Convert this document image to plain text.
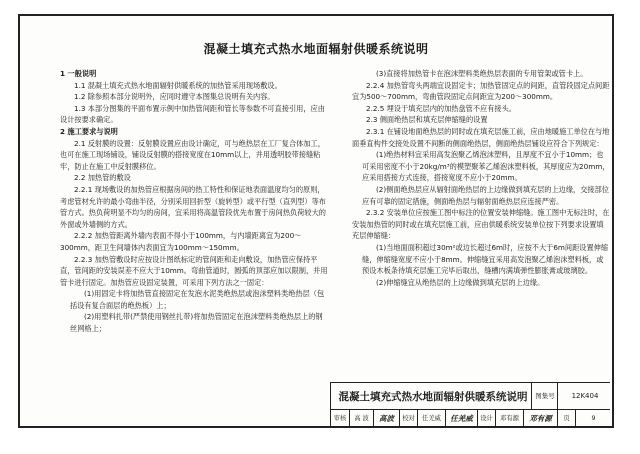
混凝土填充式热水地面辐射供暖系统说明

1 一般说明

1.1 混凝土填充式热水地面辐射供暖系统的加热管采用现场敷设。

1.2 除参照本部分说明外，应同时遵守本图集总说明有关内容。

1.3 本部分图集的平面布置示例中加热管间距和管长等参数不可直接引用，应由设计按要求确定。

2 施工要求与说明

2.1 反射膜的设置：反射膜设置应由设计确定，可与绝热层在工厂复合体加工，也可在施工现场铺设，铺设反射膜的搭接宽度在10mm以上，并用透明胶带接缝粘牢，防止在施工中反射膜移位。

2.2 加热管的敷设

2.2.1 现场敷设的加热管应根据房间的热工特性和保证地表面温度均匀的原则，考虑管材允许的最小弯曲半径，分别采用回折型（旋转型）或平行型（直列型）等布管方式。热负荷明显不均匀的房间，宜采用将高温管段优先布置于房间热负荷较大的外窗或外墙侧的方式。

2.2.2 加热管距离外墙内表面不得小于100mm，与内墙距离宜为200～300mm，距卫生间墙体内表面宜为100mm～150mm。

2.2.3 加热管敷设时应按设计图纸标定的管间距和走向敷设，加热管应保持平直，管间距的安装误差不应大于10mm。弯曲管道时，圆弧的顶部应加以限制，并用管卡进行固定。加热管应设固定装置，可采用下列方法之一固定：

(1)用固定卡将加热管直接固定在发泡水泥类绝热层或泡沫塑料类绝热层（包括设有复合面层的绝热板）上；

(2)用塑料扎带(严禁使用钢丝扎带)将加热管固定在泡沫塑料类绝热层上的钢丝网格上；

(3)直接将加热管卡在泡沫塑料类绝热层表面的专用管架或管卡上。

2.2.4 加热管弯头两端宜设固定卡；加热管固定点的间距，直管段固定点间距宜为500～700mm，弯曲管段固定点间距宜为200～300mm。

2.2.5 埋设于填充层内的加热盘管不应有接头。

2.3 侧面绝热层和填充层伸缩缝的设置

2.3.1 在铺设地面绝热层的同时或在填充层施工前，应由地暖施工单位在与地面垂直构件交接处设置不间断的侧面绝热层，侧面绝热层铺设应符合下列规定：

(1)绝热材料宜采用高发泡聚乙烯泡沫塑料，且厚度不宜小于10mm；也可采用密度不小于20kg/m³的模塑聚苯乙烯泡沫塑料板，其厚度应为20mm，应采用搭接方式连接，搭接宽度不应小于20mm。

(2)侧面绝热层应从辐射面绝热层的上边缘做到填充层的上边缘，交接部位应有可靠的固定措施，侧面绝热层与辐射面绝热层应连接严密。

2.3.2 安装单位应按施工图中标注的位置安装伸缩缝。施工图中无标注时，在安装加热管的同时或在填充层施工前，应由供暖系统安装单位按下列要求设置填充层伸缩缝：

(1)当地面面积超过30m²或边长超过6m时，应按不大于6m间距设置伸缩缝，伸缩缝宽度不应小于8mm。伸缩缝宜采用高发泡聚乙烯泡沫塑料板，或预设木板条待填充层施工完毕后取出，缝槽内满填弹性膨胀膏或玻璃胶。

(2)伸缩缝宜从绝热层的上边缘做到填充层的上边缘。

混凝土填充式热水地面辐射供暖系统说明	图集号	12K404
审核	高 波	高波	校对	任羌威	任羌威	设计	邓有源	邓有源	页	9
